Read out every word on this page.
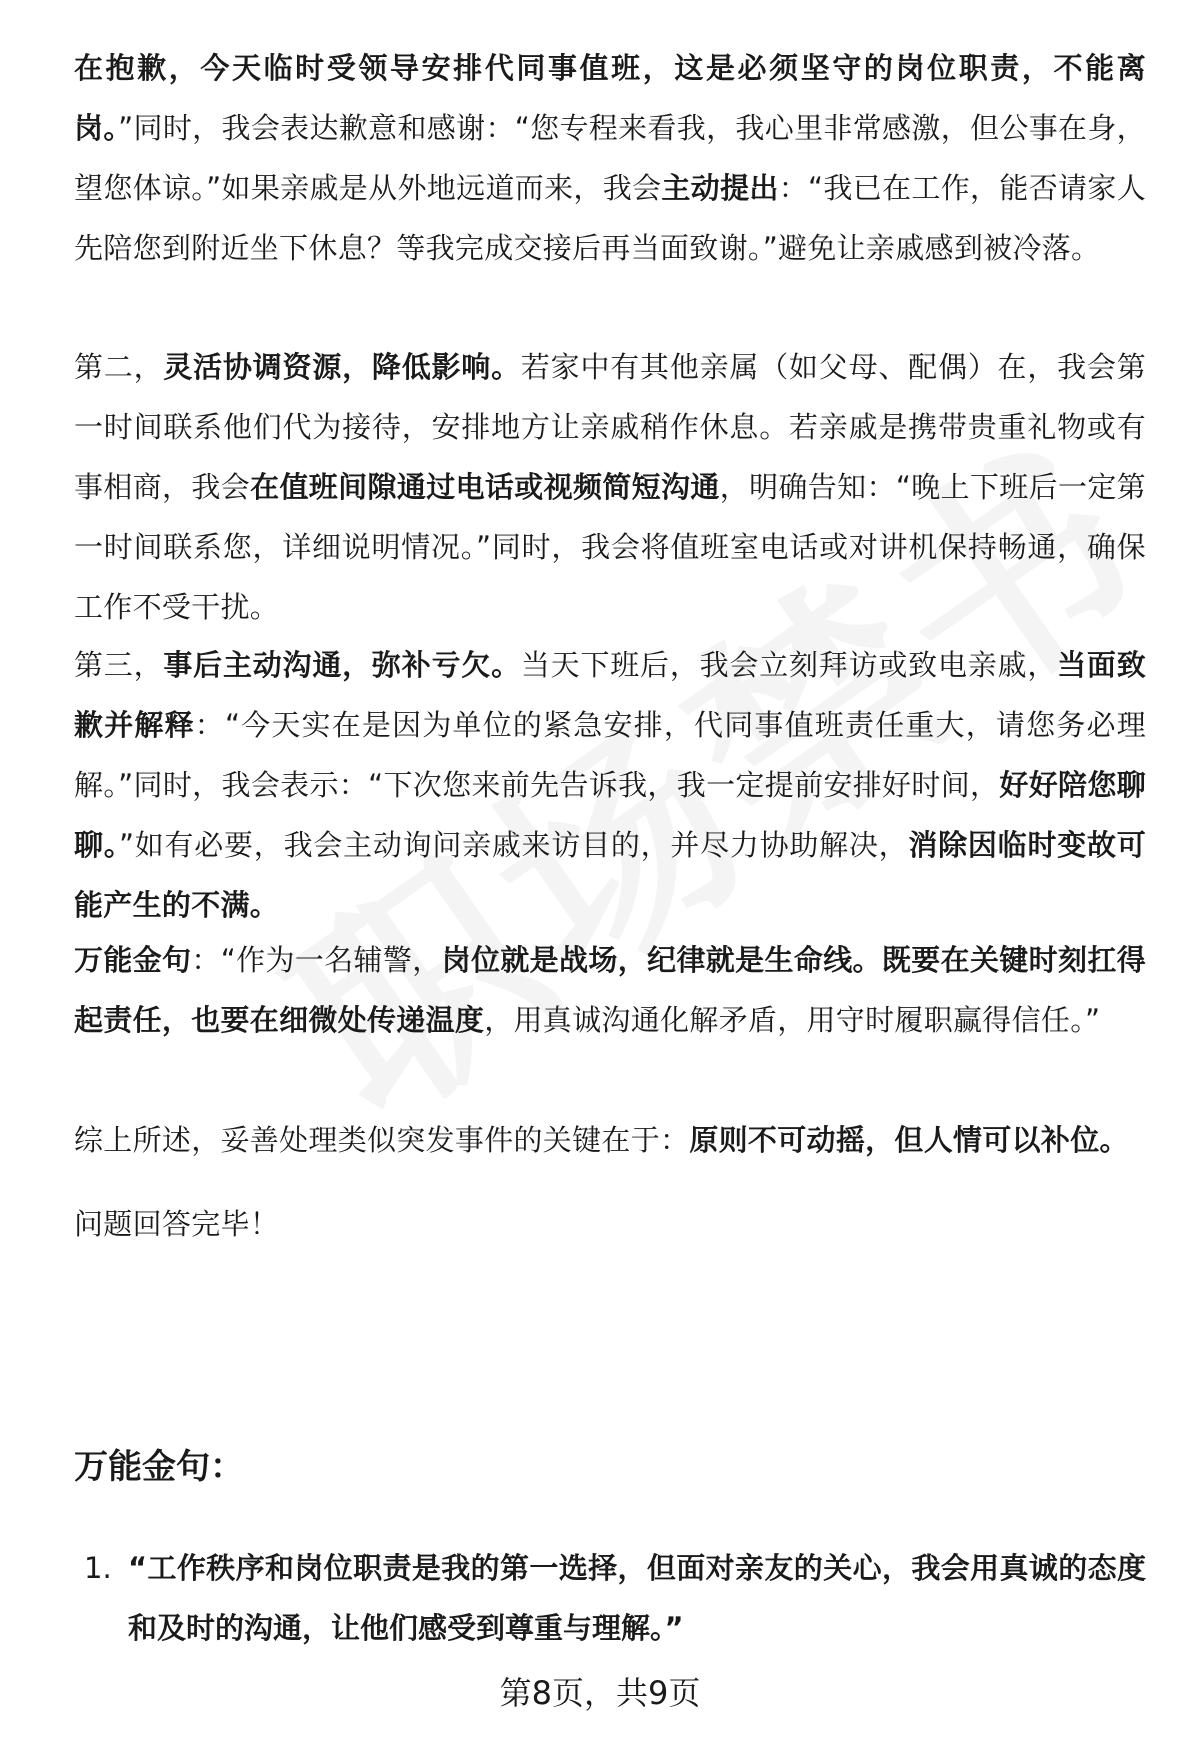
在抱歉，今天临时受领导安排代同事值班，这是必须坚守的岗位职责，不能离岗。”同时，我会表达歉意和感谢：“您专程来看我，我心里非常感激，但公事在身，望您体谅。”如果亲戚是从外地远道而来，我会主动提出：“我已在工作，能否请家人先陪您到附近坐下休息？等我完成交接后再当面致谢。”避免让亲戚感到被冷落。

第二，灵活协调资源，降低影响。若家中有其他亲属（如父母、配偶）在，我会第一时间联系他们代为接待，安排地方让亲戚稍作休息。若亲戚是携带贵重礼物或有事相商，我会在值班间隙通过电话或视频简短沟通，明确告知：“晚上下班后一定第一时间联系您，详细说明情况。”同时，我会将值班室电话或对讲机保持畅通，确保工作不受干扰。

第三，事后主动沟通，弥补亏欠。当天下班后，我会立刻拜访或致电亲戚，当面致歉并解释：“今天实在是因为单位的紧急安排，代同事值班责任重大，请您务必理解。”同时，我会表示：“下次您来前先告诉我，我一定提前安排好时间，好好陪您聊聊。”如有必要，我会主动询问亲戚来访目的，并尽力协助解决，消除因临时变故可能产生的不满。

万能金句：“作为一名辅警，岗位就是战场，纪律就是生命线。既要在关键时刻扛得起责任，也要在细微处传递温度，用真诚沟通化解矛盾，用守时履职赢得信任。”

综上所述，妥善处理类似突发事件的关键在于：原则不可动摇，但人情可以补位。

问题回答完毕！

万能金句：
1. “工作秩序和岗位职责是我的第一选择，但面对亲友的关心，我会用真诚的态度和及时的沟通，让他们感受到尊重与理解。”
第8页，共9页
